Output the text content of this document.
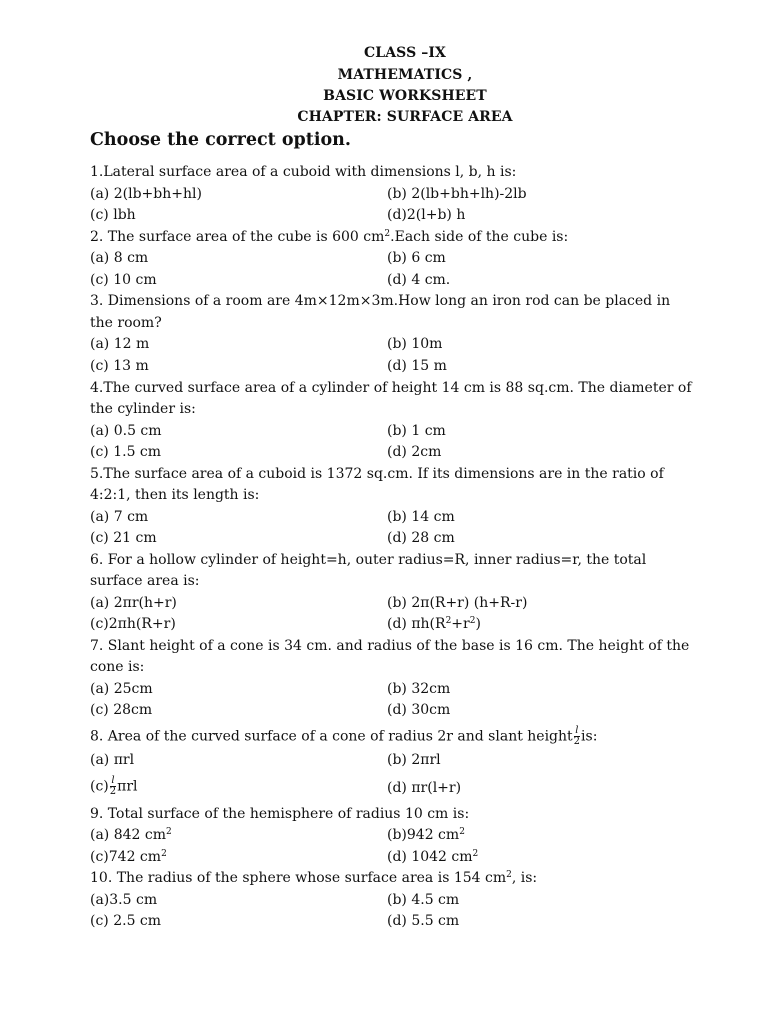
CLASS –IX
MATHEMATICS ,
BASIC WORKSHEET
CHAPTER: SURFACE AREA
Choose the correct option.
1.Lateral surface area of a cuboid with dimensions l, b, h is:
(a) 2(lb+bh+hl)	(b) 2(lb+bh+lh)-2lb
(c) lbh	(d)2(l+b) h
2. The surface area of the cube is 600 $cm^2.Each$ side of the cube is:
(a) 8 cm	(b) 6 cm
(c) 10 cm	(d) 4 cm.
3. Dimensions of a room are 4m×12m×3m.How long an iron rod can be placed in
the room?
(a) 12 m	(b) 10m
(c) 13 m	(d) 15 m
4.The curved surface area of a cylinder of height 14 cm is 88 sq.cm. The diameter of
the cylinder is:
(a) 0.5 cm	(b) 1 cm
(c) 1.5 cm	(d) 2cm
5.The surface area of a cuboid is 1372 sq.cm. If its dimensions are in the ratio of
4:2:1, then its length is:
(a) 7 cm	(b) 14 cm
(c) 21 cm	(d) 28 cm
6. For a hollow cylinder of height=h, outer radius=R, inner radius=r, the total
surface area is:
(a) 2πr(h+r)	(b) 2π(R+r) (h+R-r)
(c)2πh(R+r)	(d) $\pi h(R^2+r^2)$
7. Slant height of a cone is 34 cm. and radius of the base is 16 cm. The height of the
cone is:
(a) 25cm	(b) 32cm
(c) 28cm	(d) 30cm
8. Area of the curved surface of a cone of radius 2r and slant height $\frac{l}{2}$ is:
(a) πrl	(b) 2πrl
$(c) \frac{l}{2}$ πrl	(d) πr(l+r)
9. Total surface of the hemisphere of radius 10 cm is:
(a) 842 $cm^2$	(b)942 $cm^2$
(c)742 $cm^2$	(d) 1042 $cm^2$
10. The radius of the sphere whose surface area is 154 $cm^2$, is:
(a)3.5 cm	(b) 4.5 cm
(c) 2.5 cm	(d) 5.5 cm
